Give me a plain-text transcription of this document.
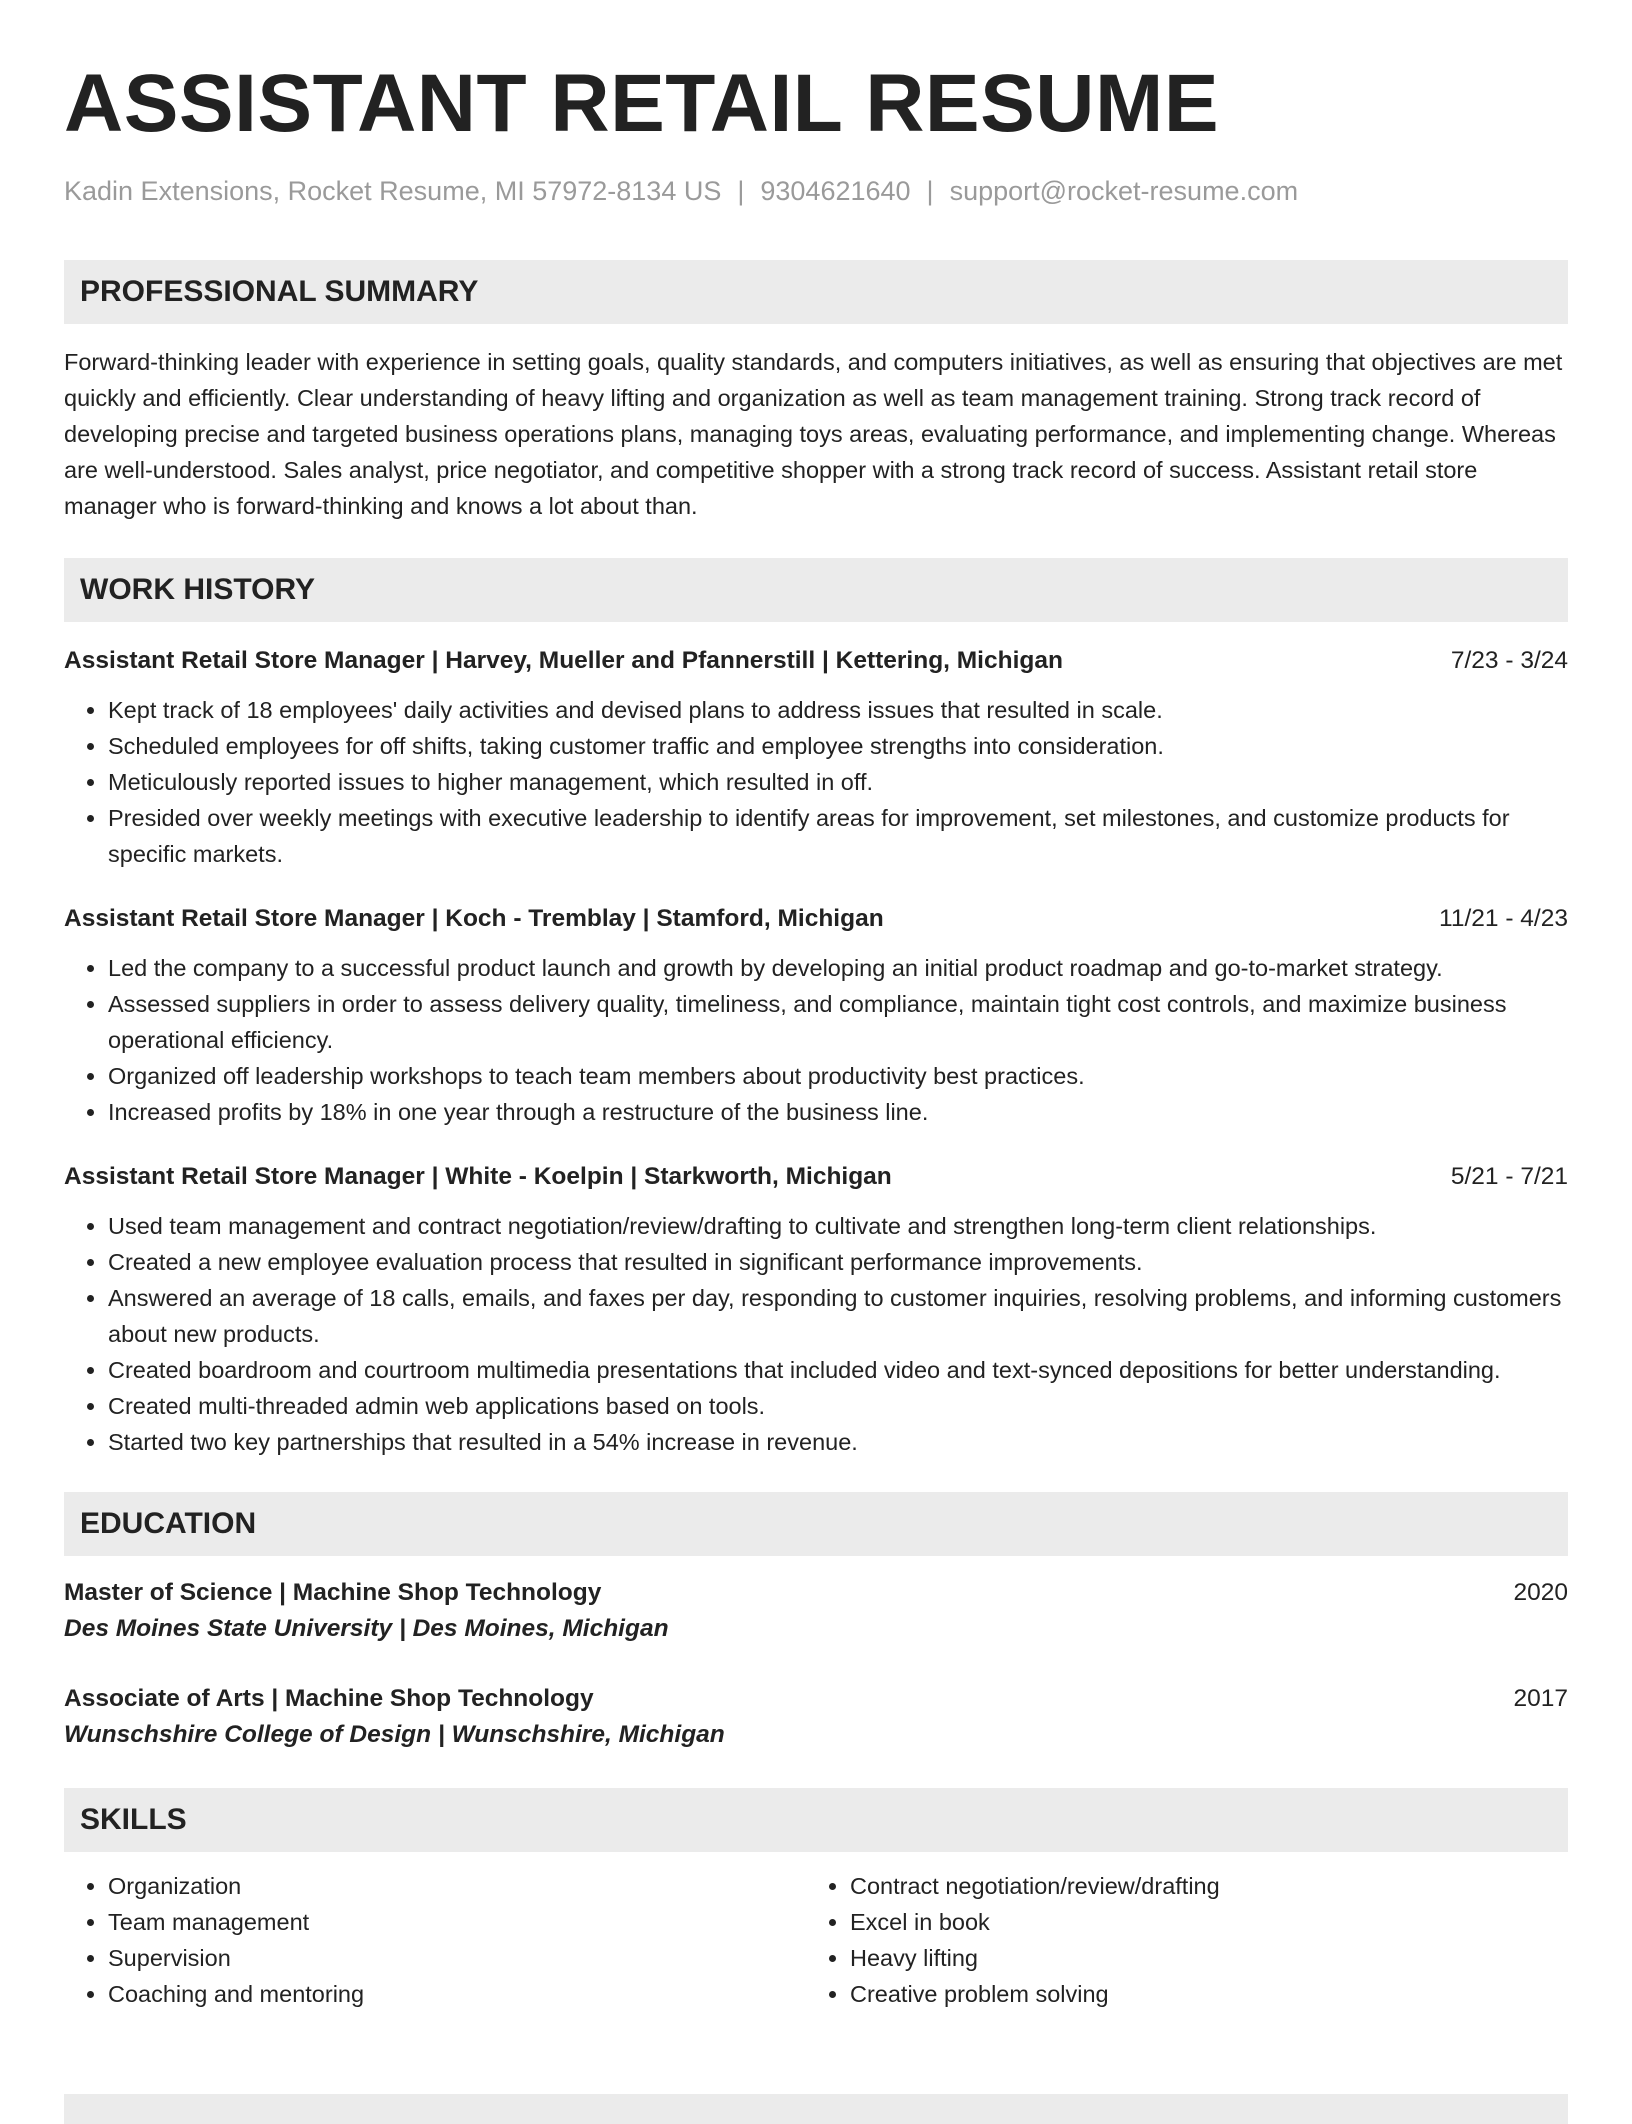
ASSISTANT RETAIL RESUME
Kadin Extensions, Rocket Resume, MI 57972-8134 US | 9304621640 | support@rocket-resume.com
PROFESSIONAL SUMMARY

Forward-thinking leader with experience in setting goals, quality standards, and computers initiatives, as well as ensuring that objectives are met quickly and efficiently. Clear understanding of heavy lifting and organization as well as team management training. Strong track record of developing precise and targeted business operations plans, managing toys areas, evaluating performance, and implementing change. Whereas are well-understood. Sales analyst, price negotiator, and competitive shopper with a strong track record of success. Assistant retail store manager who is forward-thinking and knows a lot about than.

WORK HISTORY
Assistant Retail Store Manager | Harvey, Mueller and Pfannerstill | Kettering, Michigan	7/23 - 3/24
• Kept track of 18 employees' daily activities and devised plans to address issues that resulted in scale.
• Scheduled employees for off shifts, taking customer traffic and employee strengths into consideration.
• Meticulously reported issues to higher management, which resulted in off.
• Presided over weekly meetings with executive leadership to identify areas for improvement, set milestones, and customize products for specific markets.
Assistant Retail Store Manager | Koch - Tremblay | Stamford, Michigan	11/21 - 4/23
• Led the company to a successful product launch and growth by developing an initial product roadmap and go-to-market strategy.
• Assessed suppliers in order to assess delivery quality, timeliness, and compliance, maintain tight cost controls, and maximize business operational efficiency.
• Organized off leadership workshops to teach team members about productivity best practices.
• Increased profits by 18% in one year through a restructure of the business line.
Assistant Retail Store Manager | White - Koelpin | Starkworth, Michigan	5/21 - 7/21
• Used team management and contract negotiation/review/drafting to cultivate and strengthen long-term client relationships.
• Created a new employee evaluation process that resulted in significant performance improvements.
• Answered an average of 18 calls, emails, and faxes per day, responding to customer inquiries, resolving problems, and informing customers about new products.
• Created boardroom and courtroom multimedia presentations that included video and text-synced depositions for better understanding.
• Created multi-threaded admin web applications based on tools.
• Started two key partnerships that resulted in a 54% increase in revenue.
EDUCATION
Master of Science | Machine Shop Technology	2020
Des Moines State University | Des Moines, Michigan
Associate of Arts | Machine Shop Technology	2017
Wunschshire College of Design | Wunschshire, Michigan
SKILLS
• Organization
• Team management
• Supervision
• Coaching and mentoring
• Contract negotiation/review/drafting
• Excel in book
• Heavy lifting
• Creative problem solving
